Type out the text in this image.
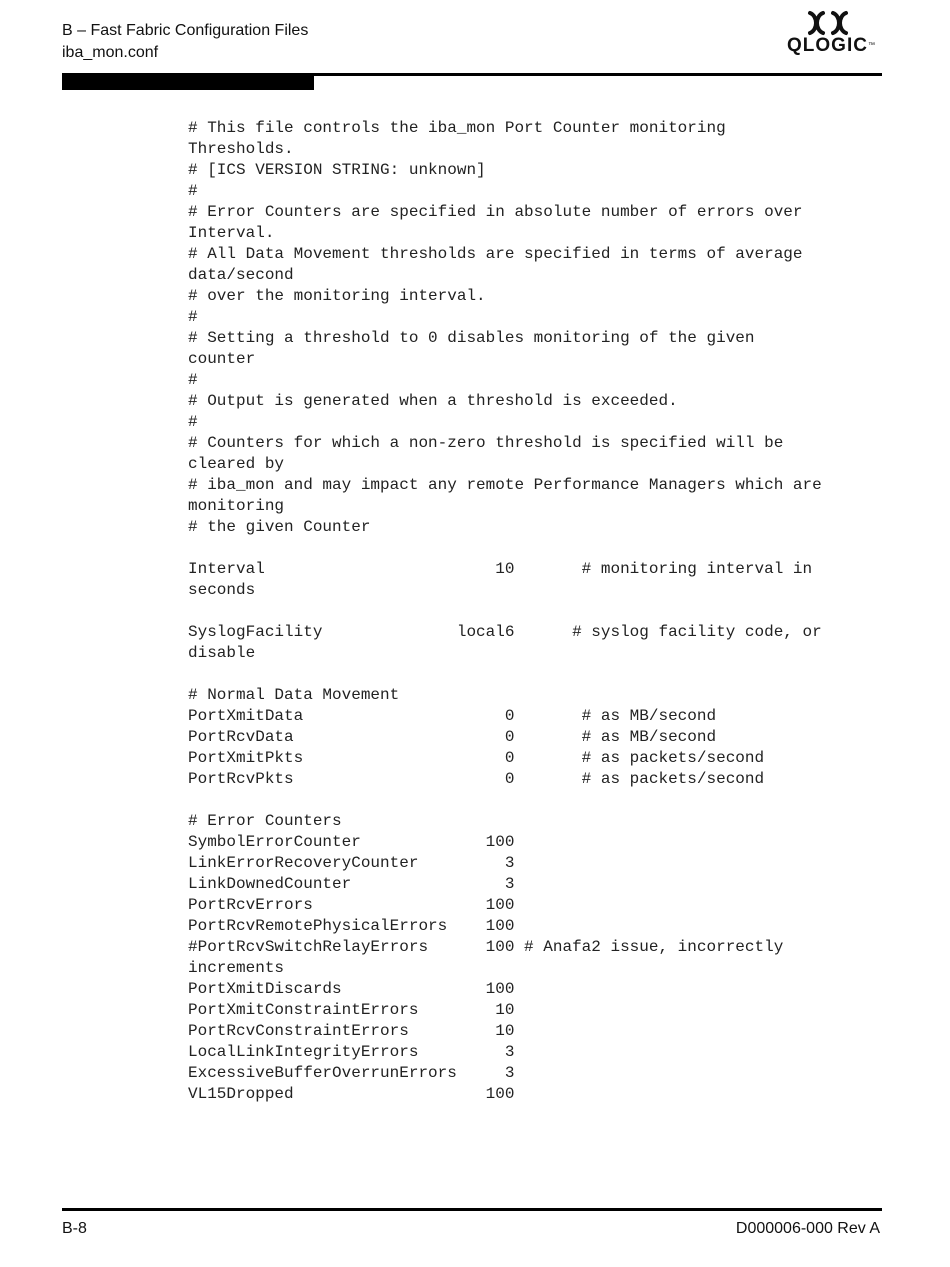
B – Fast Fabric Configuration Files
iba_mon.conf	QLOGIC™
# This file controls the iba_mon Port Counter monitoring
Thresholds.
# [ICS VERSION STRING: unknown]
#
# Error Counters are specified in absolute number of errors over
Interval.
# All Data Movement thresholds are specified in terms of average
data/second
# over the monitoring interval.
#
# Setting a threshold to 0 disables monitoring of the given
counter
#
# Output is generated when a threshold is exceeded.
#
# Counters for which a non-zero threshold is specified will be
cleared by
# iba_mon and may impact any remote Performance Managers which are
monitoring
# the given Counter
Interval                        10       # monitoring interval in
seconds
SyslogFacility              local6      # syslog facility code, or
disable
# Normal Data Movement
PortXmitData                     0       # as MB/second
PortRcvData                      0       # as MB/second
PortXmitPkts                     0       # as packets/second
PortRcvPkts                      0       # as packets/second
# Error Counters
SymbolErrorCounter             100
LinkErrorRecoveryCounter         3
LinkDownedCounter                3
PortRcvErrors                  100
PortRcvRemotePhysicalErrors    100
#PortRcvSwitchRelayErrors      100 # Anafa2 issue, incorrectly
increments
PortXmitDiscards               100
PortXmitConstraintErrors        10
PortRcvConstraintErrors         10
LocalLinkIntegrityErrors         3
ExcessiveBufferOverrunErrors     3
VL15Dropped                    100
B-8	D000006-000 Rev A
